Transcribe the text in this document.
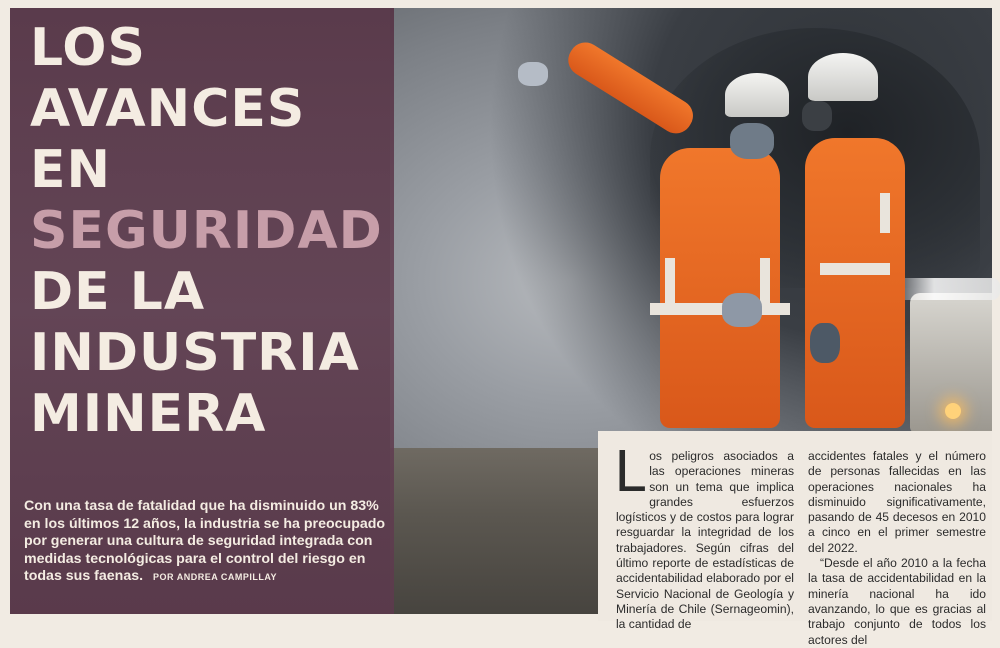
LOS
AVANCES
EN
SEGURIDAD
DE LA
INDUSTRIA
MINERA
Con una tasa de fatalidad que ha disminuido un 83% en los últimos 12 años, la industria se ha preocupado por generar una cultura de seguridad integrada con medidas tecnológicas para el control del riesgo en todas sus faenas. POR ANDREA CAMPILLAY
L os peligros asociados a las operaciones mineras son un tema que implica grandes esfuerzos logísticos y de costos para lograr resguardar la integridad de los trabajadores. Según cifras del último reporte de estadísticas de accidentabilidad elaborado por el Servicio Nacional de Geología y Minería de Chile (Sernageomin), la cantidad de

accidentes fatales y el número de personas fallecidas en las operaciones nacionales ha disminuido significativamente, pasando de 45 decesos en 2010 a cinco en el primer semestre del 2022.

“Desde el año 2010 a la fecha la tasa de accidentabilidad en la minería nacional ha ido avanzando, lo que es gracias al trabajo conjunto de todos los actores del
